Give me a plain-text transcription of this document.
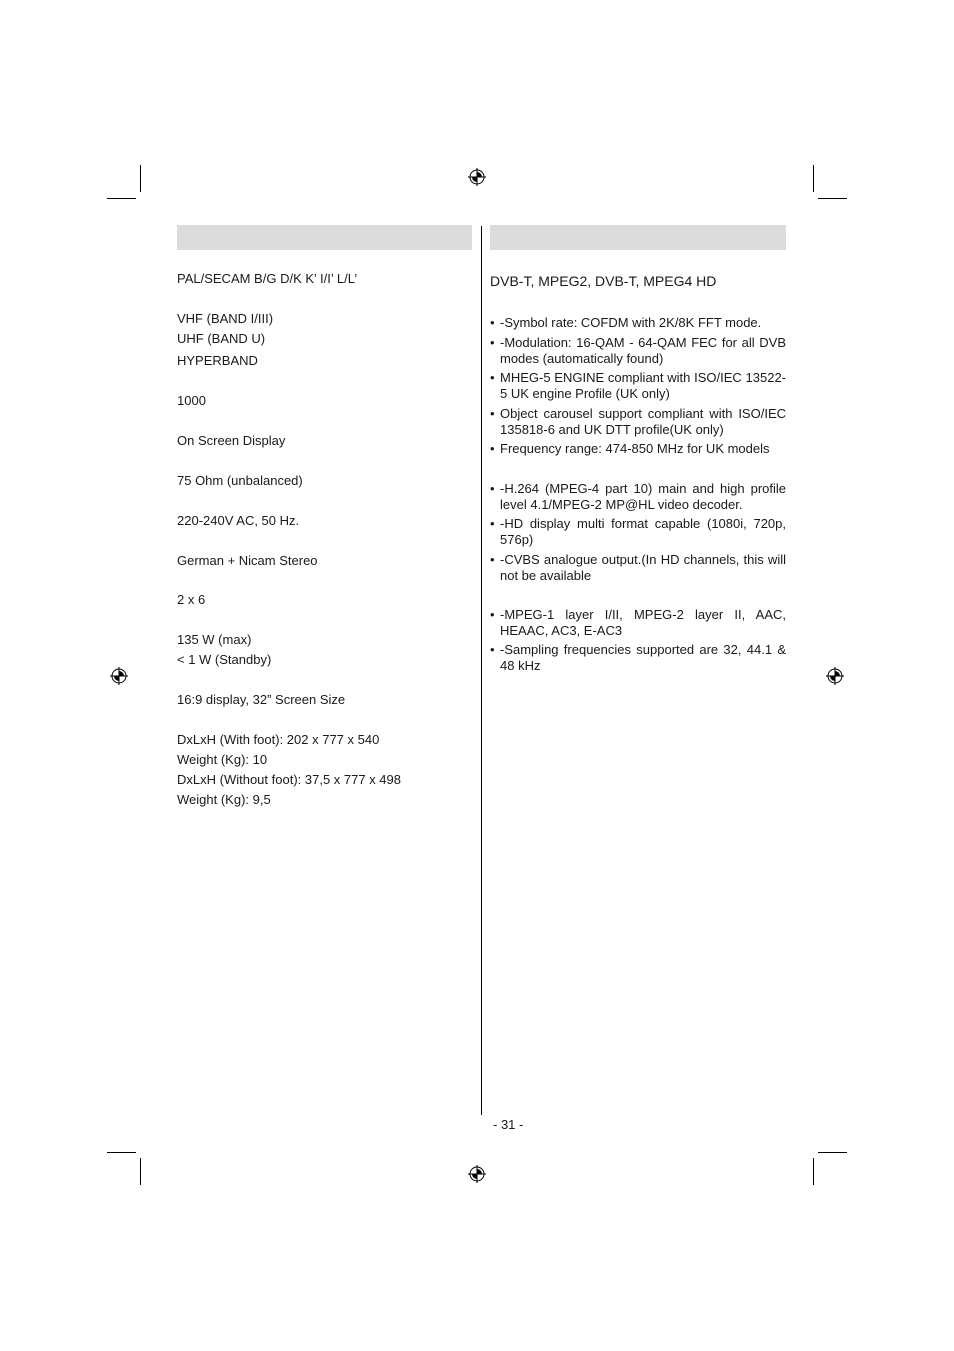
PAL/SECAM B/G D/K K’ I/I’ L/L’
VHF (BAND I/III)
UHF (BAND U)
HYPERBAND
1000
On Screen Display
75 Ohm (unbalanced)
220-240V AC, 50 Hz.
German + Nicam Stereo
2 x 6
135 W (max)
< 1 W (Standby)
16:9 display, 32” Screen Size
DxLxH (With foot): 202 x 777 x 540
Weight (Kg): 10
DxLxH (Without foot): 37,5 x 777 x 498
Weight (Kg): 9,5
DVB-T, MPEG2, DVB-T, MPEG4 HD
• -Symbol rate: COFDM with 2K/8K FFT mode.
• -Modulation: 16-QAM - 64-QAM FEC for all DVB modes (automatically found)
• MHEG-5 ENGINE compliant with ISO/IEC 13522-5 UK engine Profile (UK only)
• Object carousel support compliant with ISO/IEC 135818-6 and UK DTT profile(UK only)
• Frequency range: 474-850 MHz for UK models
• -H.264 (MPEG-4 part 10) main and high profile level 4.1/MPEG-2 MP@HL video decoder.
• -HD display multi format capable (1080i, 720p, 576p)
• -CVBS analogue output.(In HD channels, this will not be available
• -MPEG-1 layer I/II, MPEG-2 layer II, AAC, HEAAC, AC3, E-AC3
• -Sampling frequencies supported are 32, 44.1 & 48 kHz
- 31 -
